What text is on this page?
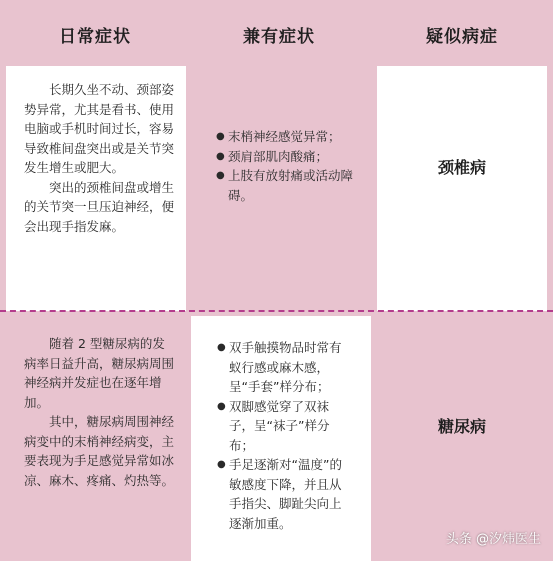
日常症状	兼有症状	疑似病症

长期久坐不动、颈部姿势异常，尤其是看书、使用电脑或手机时间过长，容易导致椎间盘突出或是关节突发生增生或肥大。

突出的颈椎间盘或增生的关节突一旦压迫神经，便会出现手指发麻。

● 末梢神经感觉异常；
● 颈肩部肌肉酸痛；
● 上肢有放射痛或活动障碍。
颈椎病

随着 2 型糖尿病的发病率日益升高，糖尿病周围神经病并发症也在逐年增加。

其中，糖尿病周围神经病变中的末梢神经病变，主要表现为手足感觉异常如冰凉、麻木、疼痛、灼热等。

● 双手触摸物品时常有蚁行感或麻木感，呈“手套”样分布；
● 双脚感觉穿了双袜子，呈“袜子”样分布；
● 手足逐渐对“温度”的敏感度下降，并且从手指尖、脚趾尖向上逐渐加重。
糖尿病
头条 @汐炜医生
